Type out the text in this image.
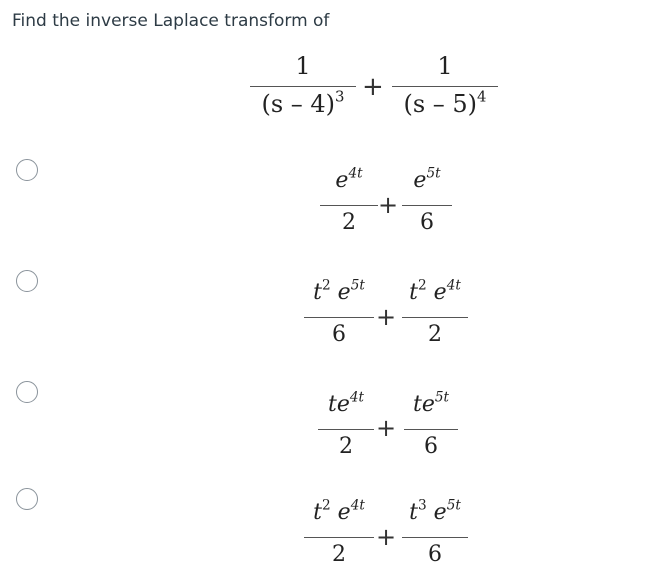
Find the inverse Laplace transform of
1
(s – 4)$^3$ +
1
(s – 5)$^4$
$e^{4t}$
2
+
$e^{5t}$
6
$t^2$ $e^{5t}$
6
+
$t^2$ $e^{4t}$
2
$te^{4t}$
2
+
$te^{5t}$
6
$t^2$ $e^{4t}$
2
+
$t^3$ $e^{5t}$
6
